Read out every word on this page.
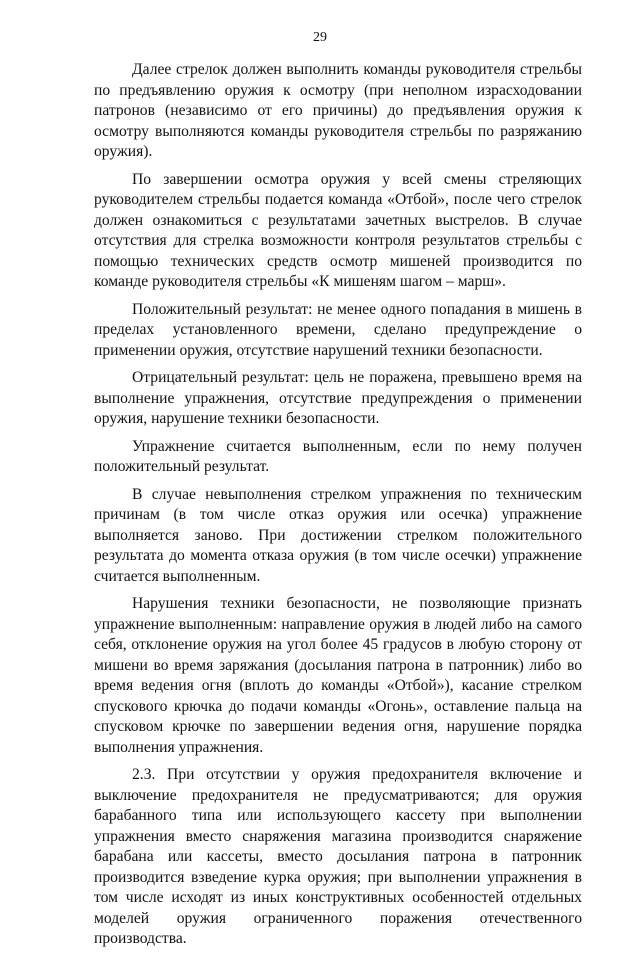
29

Далее стрелок должен выполнить команды руководителя стрельбы по предъявлению оружия к осмотру (при неполном израсходовании патронов (независимо от его причины) до предъявления оружия к осмотру выполняются команды руководителя стрельбы по разряжанию оружия).

По завершении осмотра оружия у всей смены стреляющих руководителем стрельбы подается команда «Отбой», после чего стрелок должен ознакомиться с результатами зачетных выстрелов. В случае отсутствия для стрелка возможности контроля результатов стрельбы с помощью технических средств осмотр мишеней производится по команде руководителя стрельбы «К мишеням шагом – марш».

Положительный результат: не менее одного попадания в мишень в пределах установленного времени, сделано предупреждение о применении оружия, отсутствие нарушений техники безопасности.

Отрицательный результат: цель не поражена, превышено время на выполнение упражнения, отсутствие предупреждения о применении оружия, нарушение техники безопасности.

Упражнение считается выполненным, если по нему получен положительный результат.

В случае невыполнения стрелком упражнения по техническим причинам (в том числе отказ оружия или осечка) упражнение выполняется заново. При достижении стрелком положительного результата до момента отказа оружия (в том числе осечки) упражнение считается выполненным.

Нарушения техники безопасности, не позволяющие признать упражнение выполненным: направление оружия в людей либо на самого себя, отклонение оружия на угол более 45 градусов в любую сторону от мишени во время заряжания (досылания патрона в патронник) либо во время ведения огня (вплоть до команды «Отбой»), касание стрелком спускового крючка до подачи команды «Огонь», оставление пальца на спусковом крючке по завершении ведения огня, нарушение порядка выполнения упражнения.

2.3. При отсутствии у оружия предохранителя включение и выключение предохранителя не предусматриваются; для оружия барабанного типа или использующего кассету при выполнении упражнения вместо снаряжения магазина производится снаряжение барабана или кассеты, вместо досылания патрона в патронник производится взведение курка оружия; при выполнении упражнения в том числе исходят из иных конструктивных особенностей отдельных моделей оружия ограниченного поражения отечественного производства.
